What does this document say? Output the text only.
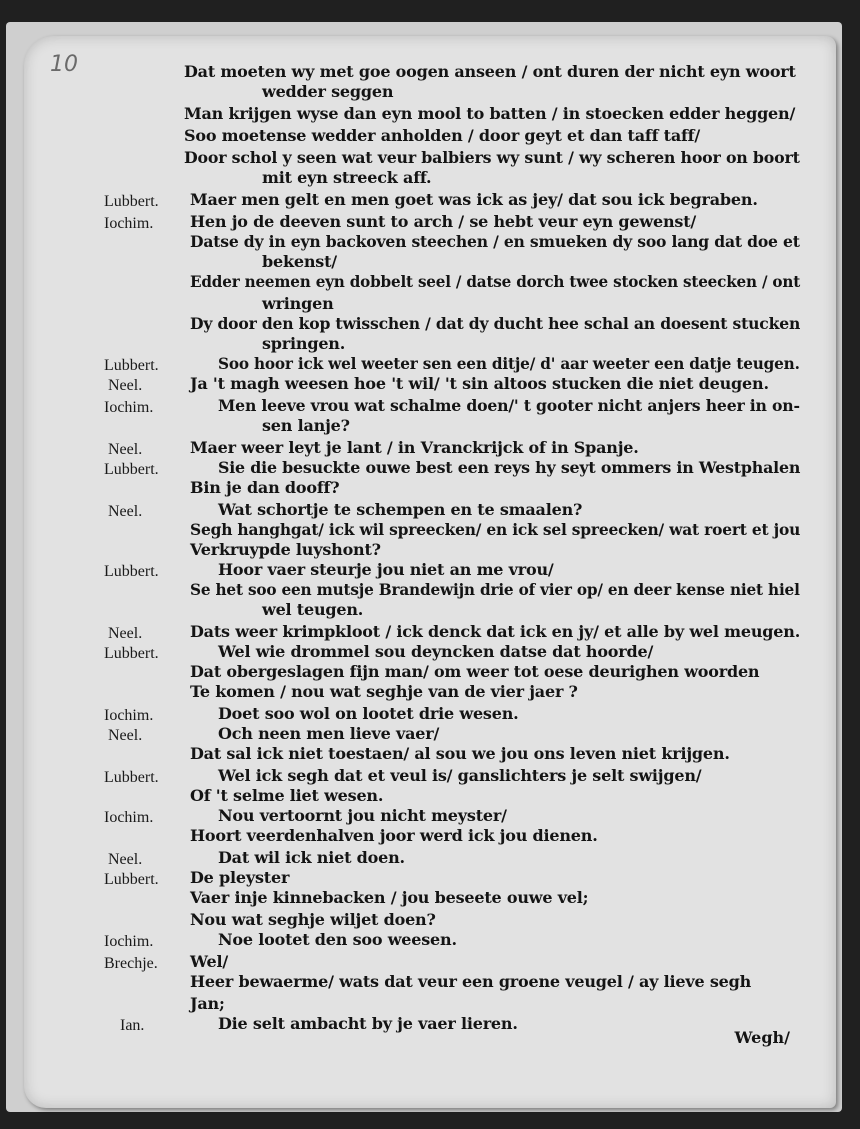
10	Dat moeten wy met goe oogen anseen / ont duren der nicht eyn woort
wedder seggen
Man krijgen wyse dan eyn mool to batten / in stoecken edder heggen/
Soo moetense wedder anholden / door geyt et dan taff taff/
Door schol y seen wat veur balbiers wy sunt / wy scheren hoor on boort
mit eyn streeck aff.
Lubbert. Maer men gelt en men goet was ick as jey/ dat sou ick begraben.
Iochim. Hen jo de deeven sunt to arch / se hebt veur eyn gewenst/
Datse dy in eyn backoven steechen / en smueken dy soo lang dat doe et
bekenst/
Edder neemen eyn dobbelt seel / datse dorch twee stocken steecken / ont
wringen
Dy door den kop twisschen / dat dy ducht hee schal an doesent stucken
springen.
Lubbert.	Soo hoor ick wel weeter sen een ditje/ d' aar weeter een datje teugen.
Neel.	Ja 't magh weesen hoe 't wil/ 't sin altoos stucken die niet deugen.
Iochim.	Men leeve vrou wat schalme doen/' t gooter nicht anjers heer in on-
sen lanje?
Neel.	Maer weer leyt je lant / in Vranckrijck of in Spanje.
Lubbert.	Sie die besuckte ouwe best een reys hy seyt ommers in Westphalen
Bin je dan dooff?
Neel.	Wat schortje te schempen en te smaalen?
Segh hanghgat/ ick wil spreecken/ en ick sel spreecken/ wat roert et jou
Verkruypde luyshont?
Lubbert.	Hoor vaer steurje jou niet an me vrou/
Se het soo een mutsje Brandewijn drie of vier op/ en deer kense niet hiel
wel teugen.
Neel.	Dats weer krimpkloot / ick denck dat ick en jy/ et alle by wel meugen.
Lubbert.	Wel wie drommel sou deyncken datse dat hoorde/
Dat obergeslagen fijn man/ om weer tot oese deurighen woorden
Te komen / nou wat seghje van de vier jaer ?
Iochim.	Doet soo wol on lootet drie wesen.
Neel.	Och neen men lieve vaer/
Dat sal ick niet toestaen/ al sou we jou ons leven niet krijgen.
Lubbert.	Wel ick segh dat et veul is/ ganslichters je selt swijgen/
Of 't selme liet wesen.
Iochim.	Nou vertoornt jou nicht meyster/
Hoort veerdenhalven joor werd ick jou dienen.
Neel.	Dat wil ick niet doen.
Lubbert. De pleyster
Vaer inje kinnebacken / jou beseete ouwe vel;
Nou wat seghje wiljet doen?
Iochim.	Noe lootet den soo weesen.
Brechje. Wel/
Heer bewaerme/ wats dat veur een groene veugel / ay lieve segh
Jan;
Ian.	Die selt ambacht by je vaer lieren.
Wegh/
